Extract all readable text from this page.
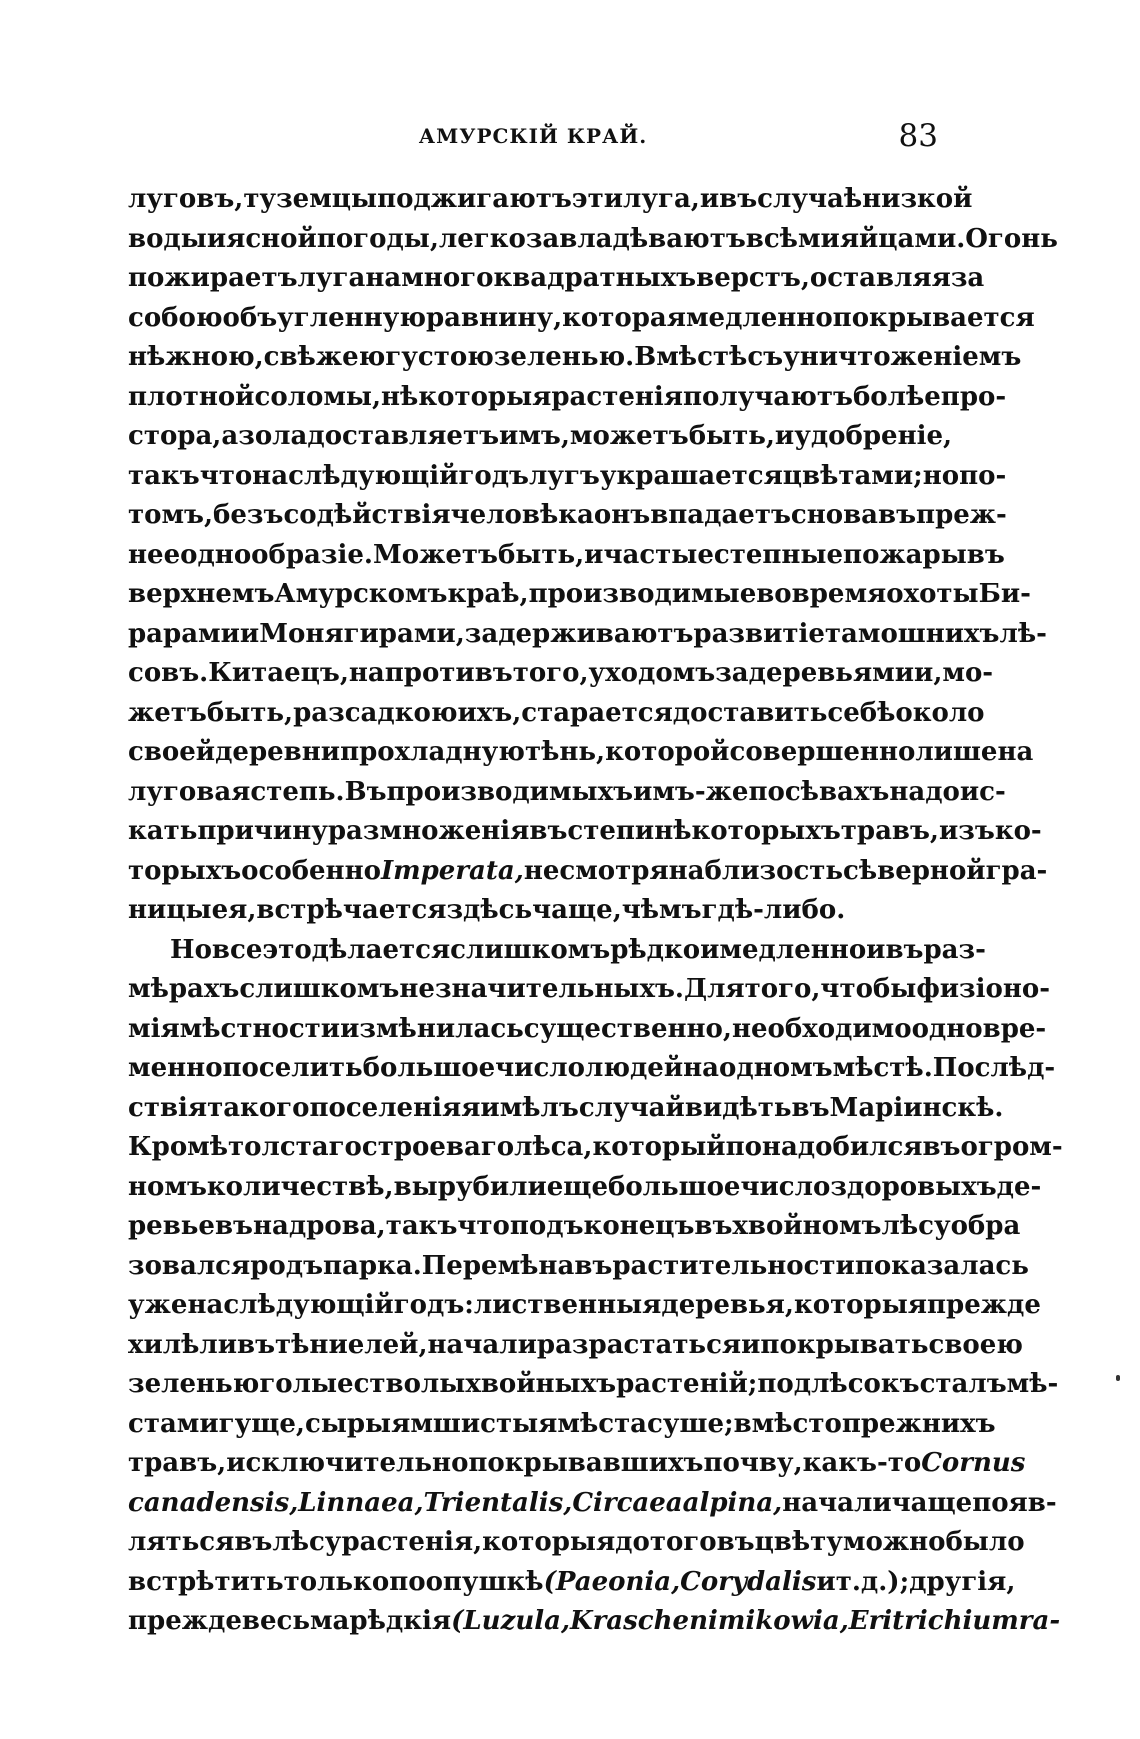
АМУРСКІЙ КРАЙ.	83
луговъ, туземцы поджигаютъ эти луга, и въ случаѣ низкой
воды и ясной погоды, легко завладѣваютъ всѣми яйцами. Огонь
пожираетъ луга на много квадратныхъ верстъ, оставляя за
собою объугленную равнину, которая медленно покрывается
нѣжною, свѣжею густою зеленью. Вмѣстѣ съ уничтоженіемъ
плотной соломы, нѣкоторыя растенія получаютъ болѣе про-
стора, а зола доставляетъ имъ, можетъ быть, и удобреніе,
такъ что на слѣдующій годъ лугъ украшается цвѣтами; но по-
томъ, безъ содѣйствія человѣка онъ впадаетъ снова въ преж-
нее однообразіе. Можетъ быть, и частые степные пожары въ
верхнемъ Амурскомъ краѣ, производимые во время охоты Би-
рарами и Монягирами, задерживаютъ развитіе тамошнихъ лѣ-
совъ. Китаецъ, напротивъ того, уходомъ за деревьями и, мо-
жетъ быть, разсадкою ихъ, старается доставить себѣ около
своей деревни прохладную тѣнь, которой совершенно лишена
луговая степь. Въ производимыхъ имъ-же посѣвахъ надо ис-
кать причину размноженія въ степи нѣкоторыхъ травъ, изъ ко-
торыхъ особенно Imperata, не смотря на близость сѣверной гра-
ницы ея, встрѣчается здѣсь чаще, чѣмъ гдѣ-либо.
Но все это дѣлается слишкомъ рѣдко и медленно и въ раз-
мѣрахъ слишкомъ незначительныхъ. Для того, чтобы физіоно-
мія мѣстности измѣнилась существенно, необходимо одновре-
менно поселить большое число людей на одномъ мѣстѣ. Послѣд-
ствія такого поселенія я имѣлъ случай видѣть въ Маріинскѣ.
Кромѣ толстаго строеваго лѣса, который понадобился въ огром-
номъ количествѣ, вырубили еще большое число здоровыхъ де-
ревьевъ на дрова, такъ что подъ конецъ въ хвойномъ лѣсу обра
зовался родъ парка. Перемѣна въ растительности показалась
уже на слѣдующій годъ: лиственныя деревья, которыя прежде
хилѣли въ тѣни елей, начали разрастаться и покрывать своею
зеленью голые стволы хвойныхъ растеній; подлѣсокъ сталъ мѣ-
стами гуще, сырыя мшистыя мѣста суше; вмѣсто прежнихъ
травъ, исключительно покрывавшихъ почву, какъ-то Cornus
canadensis, Linnaea, Trientalis, Circaea alpina, начали чаще появ-
ляться въ лѣсу растенія, которыя до того въ цвѣту можно было
встрѣтить только по опушкѣ (Paeonia, Corydalis и т. д.); другія,
прежде весьма рѣдкія (Luzula, Kraschenimikowia, Eritrichium ra-
